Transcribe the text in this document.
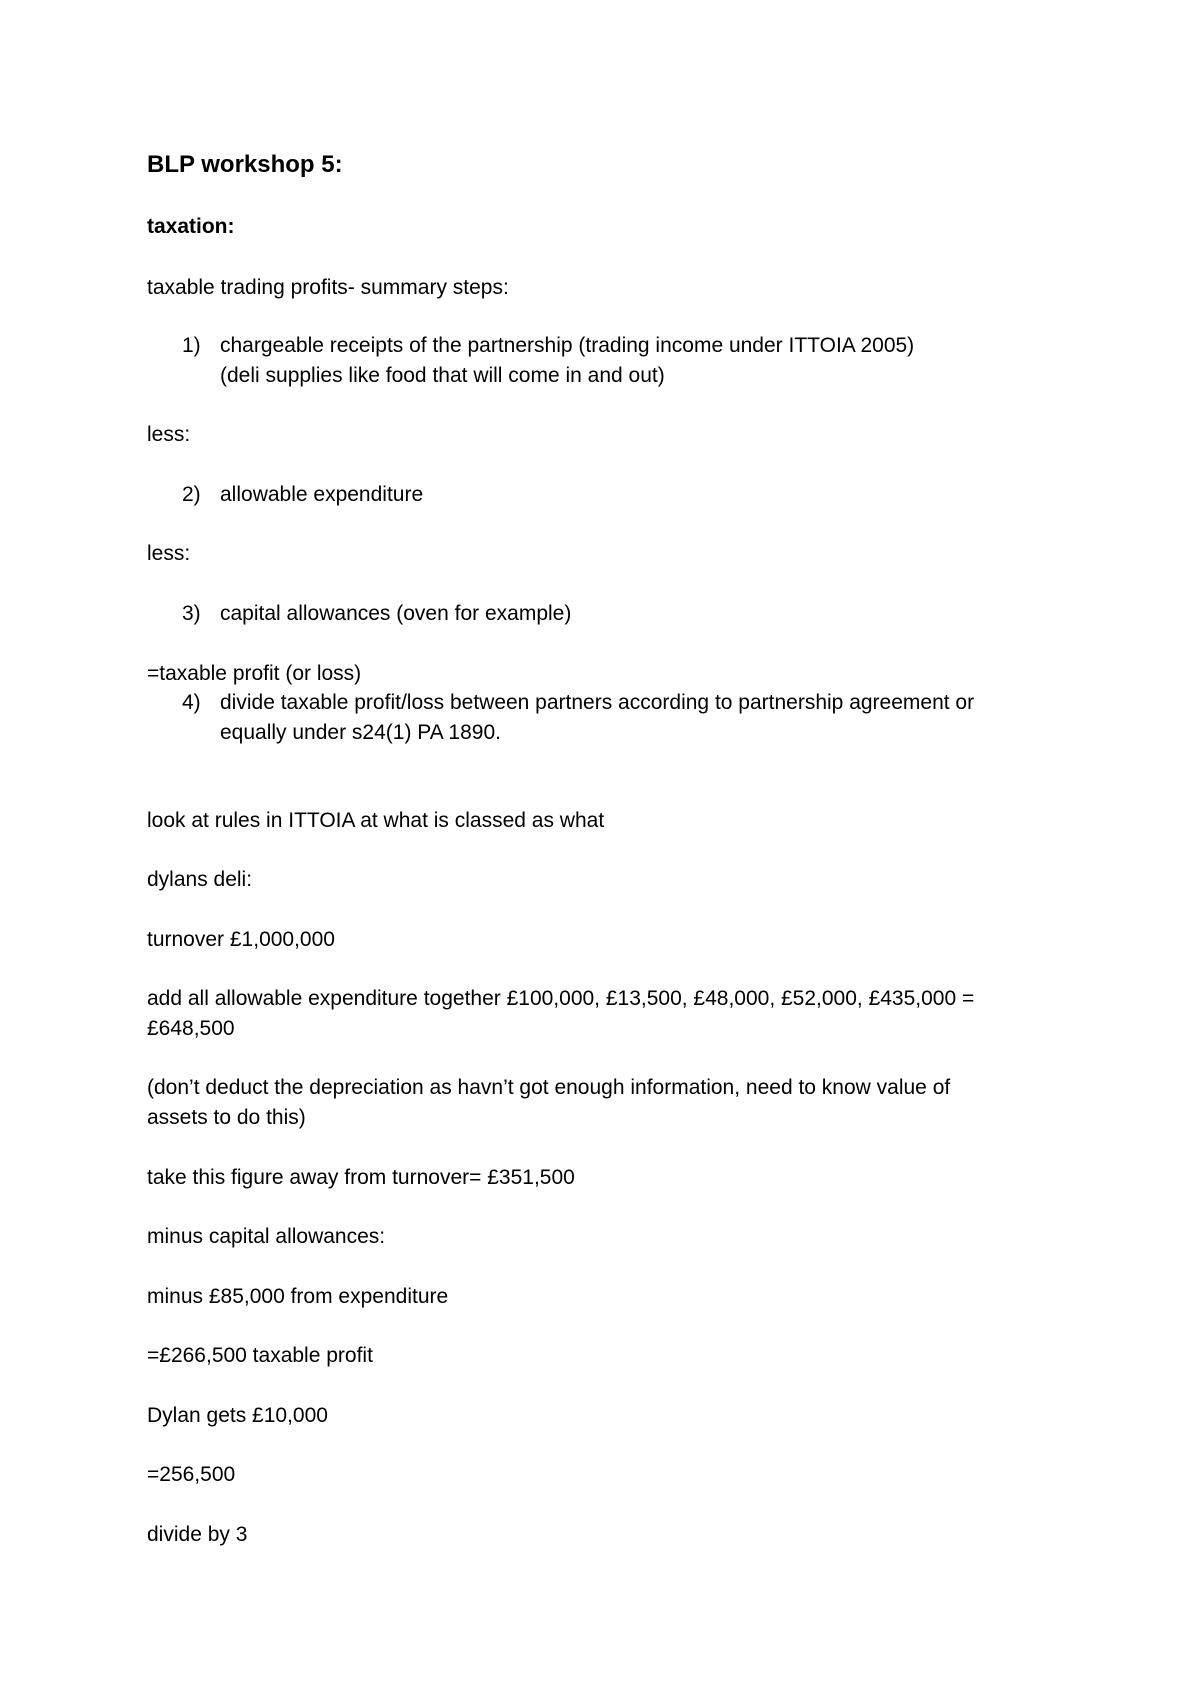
BLP workshop 5:
taxation:
taxable trading profits- summary steps:
1) chargeable receipts of the partnership (trading income under ITTOIA 2005)
(deli supplies like food that will come in and out)
less:
2) allowable expenditure
less:
3) capital allowances (oven for example)
=taxable profit (or loss)
4) divide taxable profit/loss between partners according to partnership agreement or
equally under s24(1) PA 1890.
look at rules in ITTOIA at what is classed as what
dylans deli:
turnover £1,000,000
add all allowable expenditure together £100,000, £13,500, £48,000, £52,000, £435,000 =
£648,500
(don’t deduct the depreciation as havn’t got enough information, need to know value of
assets to do this)
take this figure away from turnover= £351,500
minus capital allowances:
minus £85,000 from expenditure
=£266,500 taxable profit
Dylan gets £10,000
=256,500
divide by 3
